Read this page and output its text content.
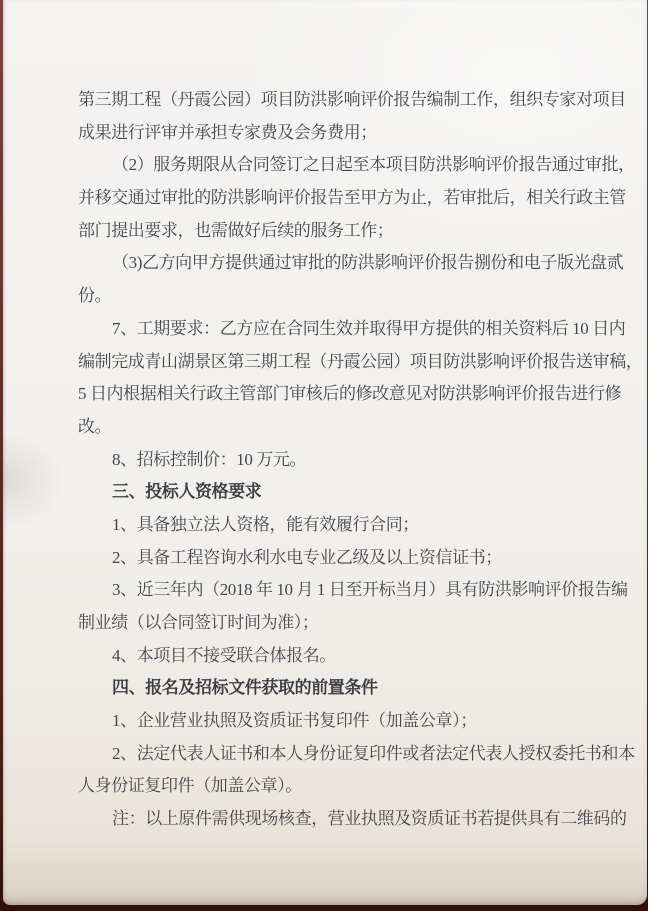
第三期工程（丹霞公园）项目防洪影响评价报告编制工作，组织专家对项目
成果进行评审并承担专家费及会务费用；
（2）服务期限从合同签订之日起至本项目防洪影响评价报告通过审批，
并移交通过审批的防洪影响评价报告至甲方为止，若审批后，相关行政主管
部门提出要求，也需做好后续的服务工作；
（3)乙方向甲方提供通过审批的防洪影响评价报告捌份和电子版光盘贰
份。
7、工期要求：乙方应在合同生效并取得甲方提供的相关资料后 10 日内
编制完成青山湖景区第三期工程（丹霞公园）项目防洪影响评价报告送审稿，
5 日内根据相关行政主管部门审核后的修改意见对防洪影响评价报告进行修
改。
8、招标控制价：10 万元。
三、投标人资格要求
1、具备独立法人资格，能有效履行合同；
2、具备工程咨询水利水电专业乙级及以上资信证书；
3、近三年内（2018 年 10 月 1 日至开标当月）具有防洪影响评价报告编
制业绩（以合同签订时间为准）；
4、本项目不接受联合体报名。
四、报名及招标文件获取的前置条件
1、企业营业执照及资质证书复印件（加盖公章）；
2、法定代表人证书和本人身份证复印件或者法定代表人授权委托书和本
人身份证复印件（加盖公章）。
注：以上原件需供现场核查，营业执照及资质证书若提供具有二维码的
